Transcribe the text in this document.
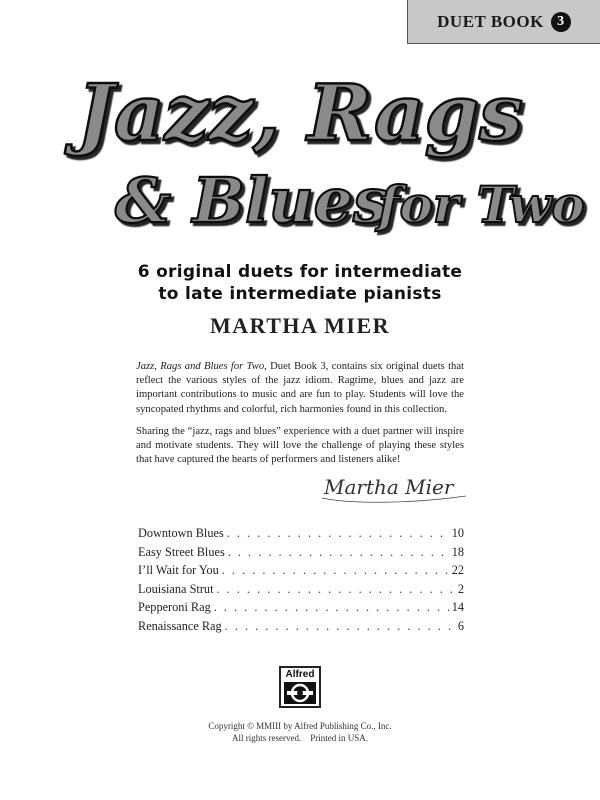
DUET BOOK 3
Jazz, Rags
& Blues
for Two
6 original duets for intermediate
to late intermediate pianists
MARTHA MIER

Jazz, Rags and Blues for Two, Duet Book 3, contains six original duets that reflect the various styles of the jazz idiom. Ragtime, blues and jazz are important contributions to music and are fun to play. Students will love the syncopated rhythms and colorful, rich harmonies found in this collection.

Sharing the “jazz, rags and blues” experience with a duet partner will inspire and motivate students. They will love the challenge of playing these styles that have captured the hearts of performers and listeners alike!

Martha Mier
Downtown Blues . . .	10
Easy Street Blues . . .	18
I’ll Wait for You . . .	22
Louisiana Strut . . .	2
Pepperoni Rag . . .	14
Renaissance Rag . . .	6
Alfred
Copyright © MMIII by Alfred Publishing Co., Inc.
All rights reserved.    Printed in USA.
